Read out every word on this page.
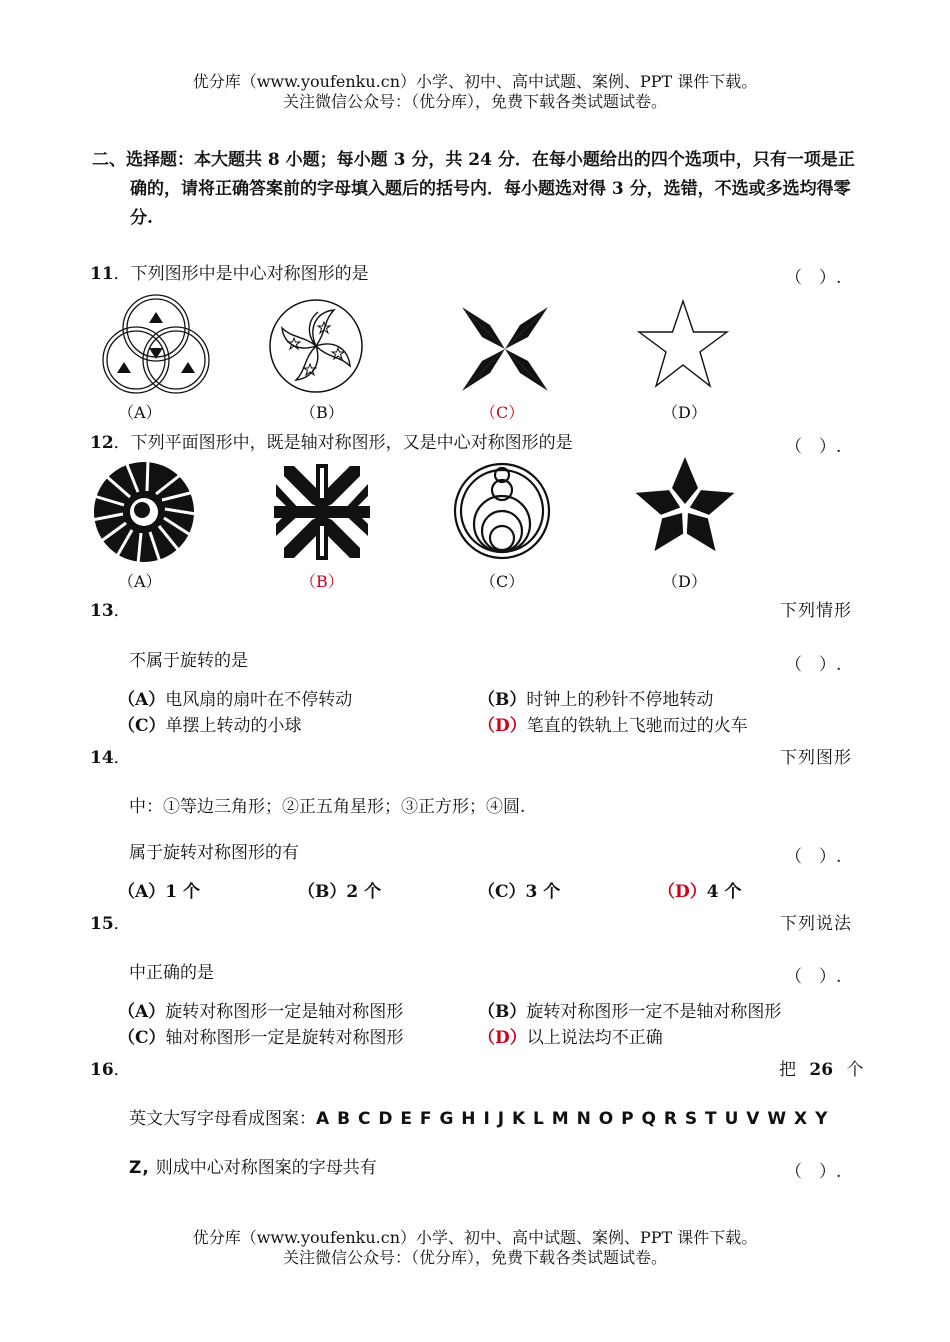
优分库（www.youfenku.cn）小学、初中、高中试题、案例、PPT 课件下载。
关注微信公众号：（优分库），免费下载各类试题试卷。
二、选择题：本大题共 8 小题；每小题 3 分，共 24 分．在每小题给出的四个选项中，只有一项是正确的，请将正确答案前的字母填入题后的括号内．每小题选对得 3 分，选错，不选或多选均得零分.
11．下列图形中是中心对称图形的是	（　）.
（A）	（B）	（C）	（D）
12．下列平面图形中，既是轴对称图形，又是中心对称图形的是	（　）.
（A）	（B）	（C）	（D）
13．	下列情形
不属于旋转的是	（　）.
（A）电风扇的扇叶在不停转动	（B）时钟上的秒针不停地转动
（C）单摆上转动的小球	（D）笔直的铁轨上飞驰而过的火车
14．	下列图形
中：①等边三角形；②正五角星形；③正方形；④圆.
属于旋转对称图形的有	（　）.
（A）1 个	（B）2 个	（C）3 个	（D）4 个
15．	下列说法
中正确的是	（　）.
（A）旋转对称图形一定是轴对称图形	（B）旋转对称图形一定不是轴对称图形
（C）轴对称图形一定是旋转对称图形	（D）以上说法均不正确
16．	把 26 个
英文大写字母看成图案：A B C D E F G H I J K L M N O P Q R S T U V W X Y
Z, 则成中心对称图案的字母共有	（　）.
优分库（www.youfenku.cn）小学、初中、高中试题、案例、PPT 课件下载。
关注微信公众号：（优分库），免费下载各类试题试卷。
